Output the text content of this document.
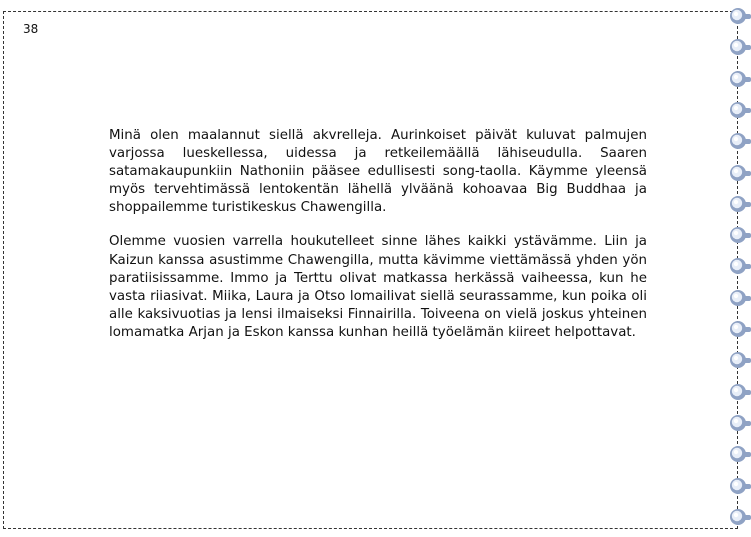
38

Minä olen maalannut siellä akvrelleja. Aurinkoiset päivät kuluvat palmujen varjossa lueskellessa, uidessa ja retkeilemäällä lähiseudulla. Saaren satamakaupunkiin Nathoniin pääsee edullisesti song-taolla. Käymme yleensä myös tervehtimässä lentokentän lähellä ylväänä kohoavaa Big Buddhaa ja shoppailemme turistikeskus Chawengilla.

Olemme vuosien varrella houkutelleet sinne lähes kaikki ystävämme. Liin ja Kaizun kanssa asustimme Chawengilla, mutta kävimme viettämässä yhden yön paratiisissamme. Immo ja Terttu olivat matkassa herkässä vaiheessa, kun he vasta riiasivat. Miika, Laura ja Otso lomailivat siellä seurassamme, kun poika oli alle kaksivuotias ja lensi ilmaiseksi Finnairilla. Toiveena on vielä joskus yhteinen lomamatka Arjan ja Eskon kanssa kunhan heillä työelämän kiireet helpottavat.
